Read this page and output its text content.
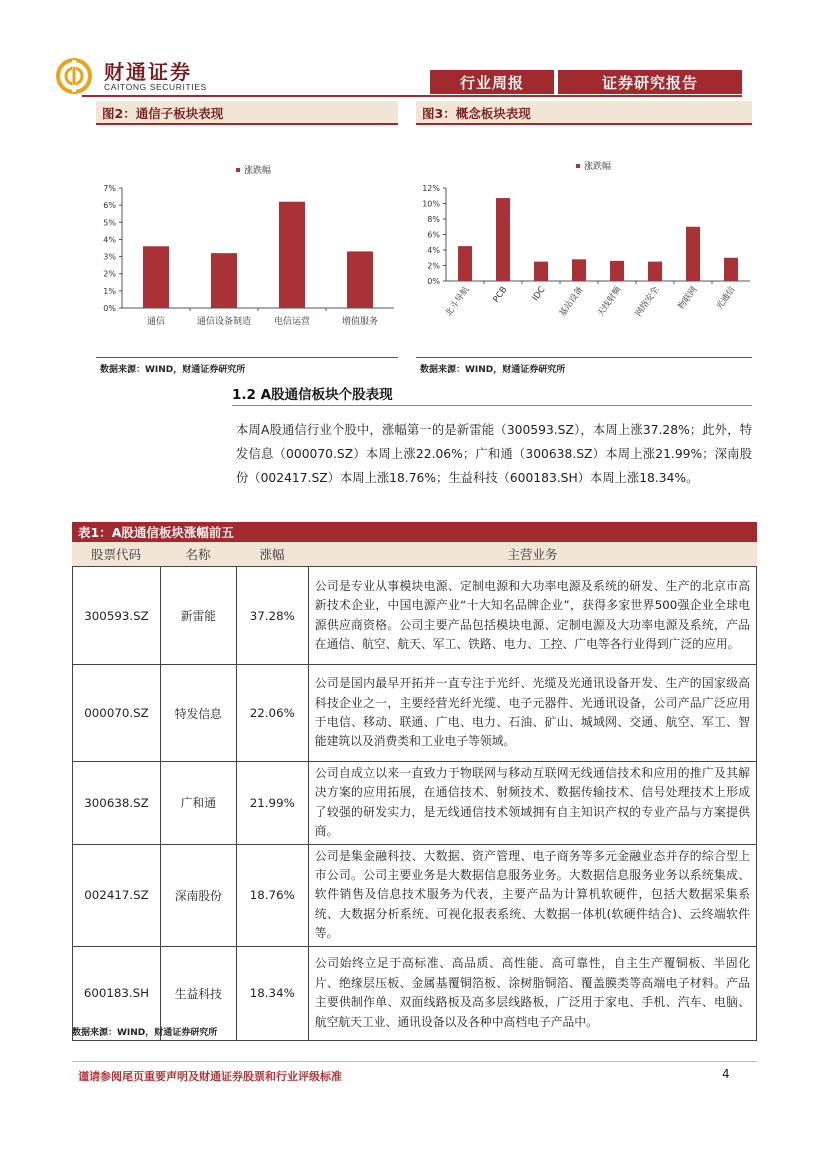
财通证券
CAITONG SECURITIES	行业周报	证券研究报告
图2：通信子板块表现
涨跌幅
0%
1%
2%
3%
4%
5%
6%
7%
通信	通信设备制造	电信运营	增值服务
数据来源：WIND，财通证券研究所
图3：概念板块表现
涨跌幅
0%
2%
4%
6%
8%
10%
12%
北斗导航 PCB IDC 基站设备 天线射频 网络安全 物联网 光通信
数据来源：WIND，财通证券研究所
1.2 A股通信板块个股表现
本周A股通信行业个股中，涨幅第一的是新雷能（300593.SZ），本周上涨37.28%；此外，特发信息（000070.SZ）本周上涨22.06%；广和通（300638.SZ）本周上涨21.99%；深南股份（002417.SZ）本周上涨18.76%；生益科技（600183.SH）本周上涨18.34%。
表1：A股通信板块涨幅前五
股票代码	名称	涨幅	主营业务
300593.SZ	新雷能	37.28%	公司是专业从事模块电源、定制电源和大功率电源及系统的研发、生产的北京市高新技术企业，中国电源产业“十大知名品牌企业”，获得多家世界500强企业全球电源供应商资格。公司主要产品包括模块电源、定制电源及大功率电源及系统，产品在通信、航空、航天、军工、铁路、电力、工控、广电等各行业得到广泛的应用。
000070.SZ	特发信息	22.06%	公司是国内最早开拓并一直专注于光纤、光缆及光通讯设备开发、生产的国家级高科技企业之一，主要经营光纤光缆、电子元器件、光通讯设备，公司产品广泛应用于电信、移动、联通、广电、电力、石油、矿山、城域网、交通、航空、军工、智能建筑以及消费类和工业电子等领域。
300638.SZ	广和通	21.99%	公司自成立以来一直致力于物联网与移动互联网无线通信技术和应用的推广及其解决方案的应用拓展，在通信技术、射频技术、数据传输技术、信号处理技术上形成了较强的研发实力，是无线通信技术领域拥有自主知识产权的专业产品与方案提供商。
002417.SZ	深南股份	18.76%	公司是集金融科技、大数据、资产管理、电子商务等多元金融业态并存的综合型上市公司。公司主要业务是大数据信息服务业务。大数据信息服务业务以系统集成、软件销售及信息技术服务为代表，主要产品为计算机软硬件，包括大数据采集系统、大数据分析系统、可视化报表系统、大数据一体机(软硬件结合)、云终端软件等。
600183.SH	生益科技	18.34%	公司始终立足于高标准、高品质、高性能、高可靠性，自主生产覆铜板、半固化片、绝缘层压板、金属基覆铜箔板、涂树脂铜箔、覆盖膜类等高端电子材料。产品主要供制作单、双面线路板及高多层线路板，广泛用于家电、手机、汽车、电脑、航空航天工业、通讯设备以及各种中高档电子产品中。
数据来源：WIND，财通证券研究所
谨请参阅尾页重要声明及财通证券股票和行业评级标准	4
